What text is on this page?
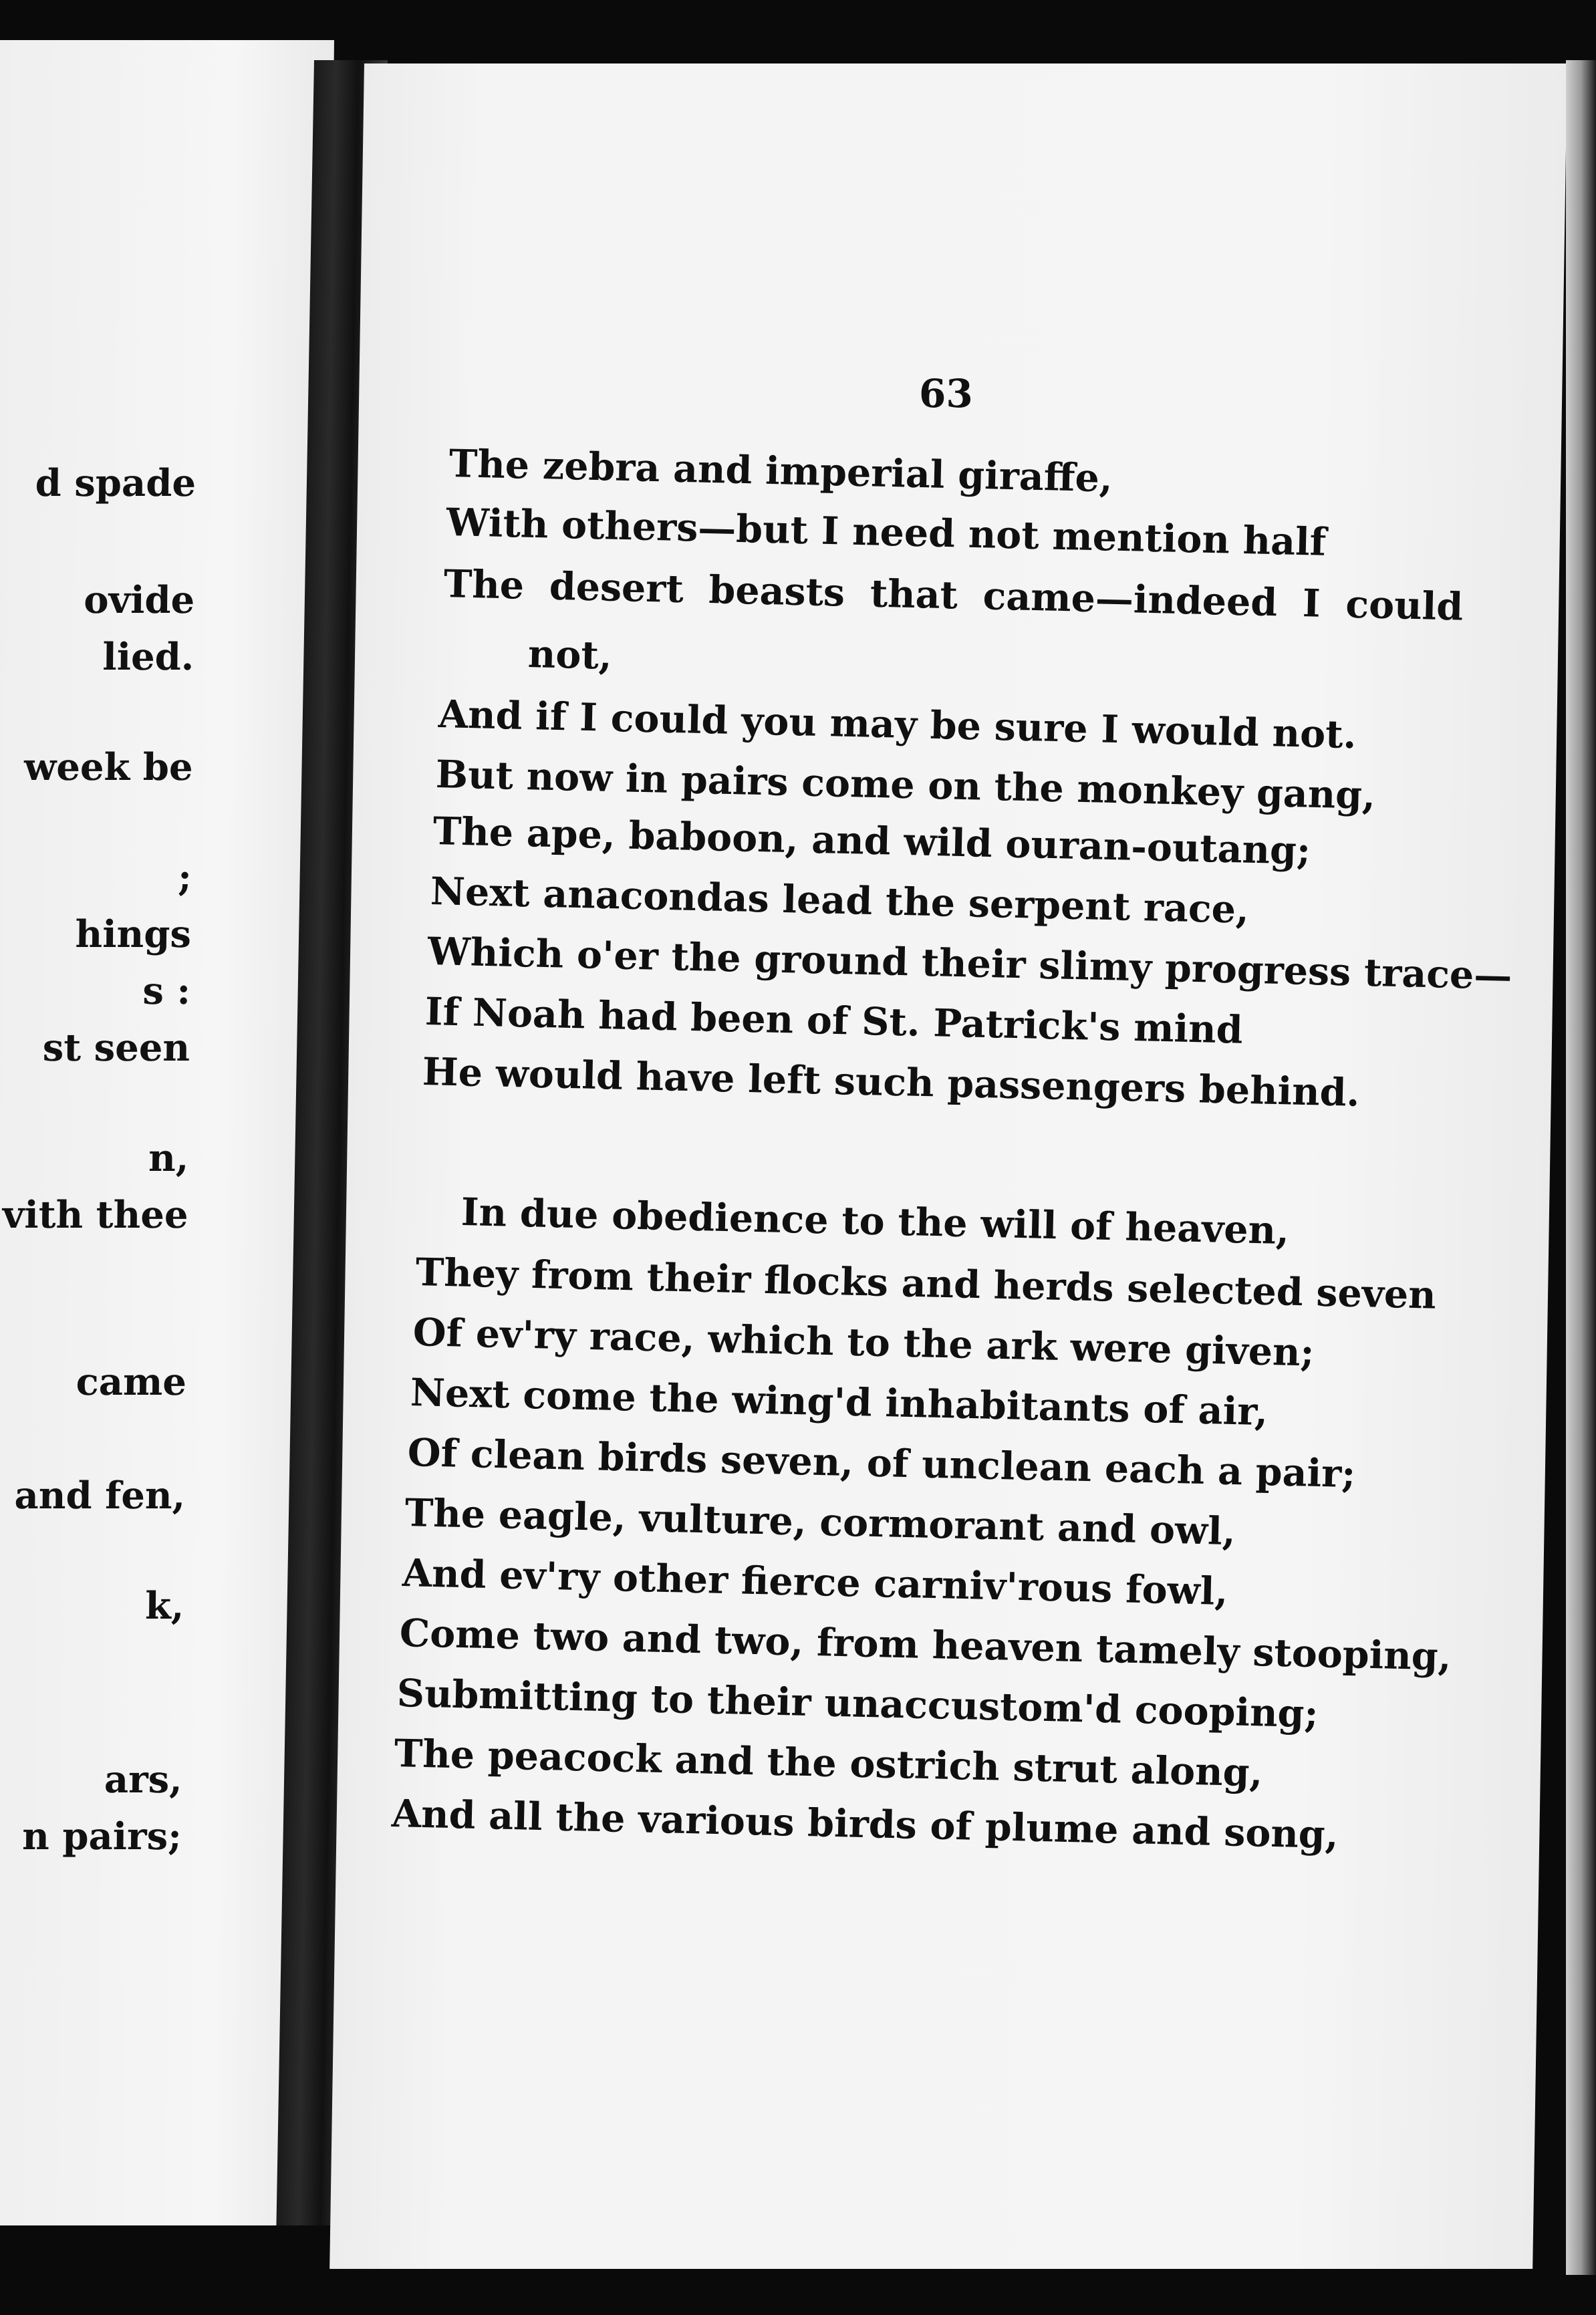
d spade
ovide
lied.
week be
;
hings
s :
st seen
n,
vith thee
came
and fen,
k,
ars,
n pairs;
63
The zebra and imperial giraffe,
With others—but I need not mention half
The desert beasts that came—indeed I could
not,
And if I could you may be sure I would not.
But now in pairs come on the monkey gang,
The ape, baboon, and wild ouran-outang;
Next anacondas lead the serpent race,
Which o'er the ground their slimy progress trace—
If Noah had been of St. Patrick's mind
He would have left such passengers behind.
In due obedience to the will of heaven,
They from their flocks and herds selected seven
Of ev'ry race, which to the ark were given;
Next come the wing'd inhabitants of air,
Of clean birds seven, of unclean each a pair;
The eagle, vulture, cormorant and owl,
And ev'ry other fierce carniv'rous fowl,
Come two and two, from heaven tamely stooping,
Submitting to their unaccustom'd cooping;
The peacock and the ostrich strut along,
And all the various birds of plume and song,
